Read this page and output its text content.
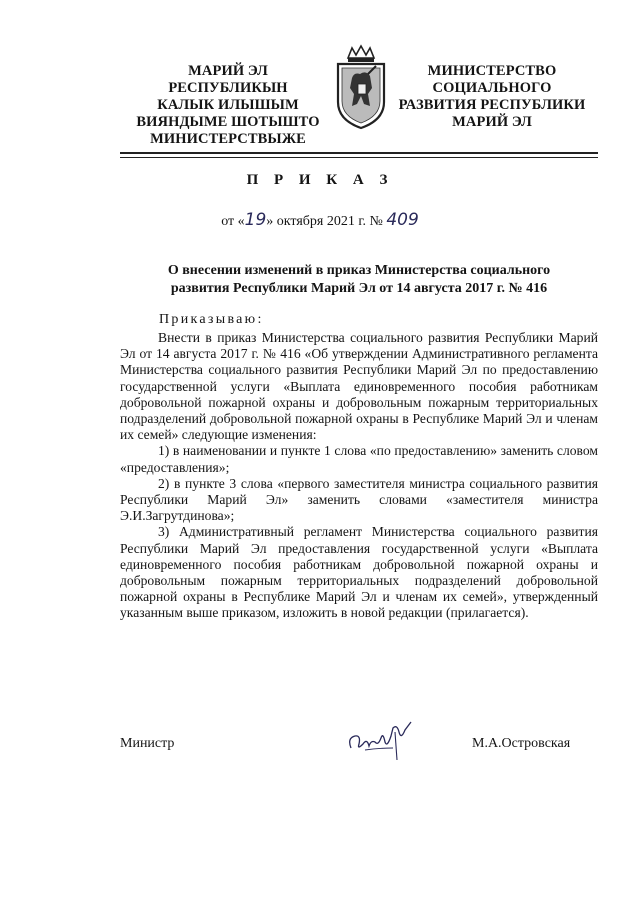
МАРИЙ ЭЛ
РЕСПУБЛИКЫН
КАЛЫК ИЛЫШЫМ
ВИЯНДЫМЕ ШОТЫШТО
МИНИСТЕРСТВЫЖЕ
МИНИСТЕРСТВО
СОЦИАЛЬНОГО
РАЗВИТИЯ РЕСПУБЛИКИ
МАРИЙ ЭЛ
П Р И К А З
от «19» октября 2021 г. № 409
О внесении изменений в приказ Министерства социального
развития Республики Марий Эл от 14 августа 2017 г. № 416
Приказываю:

Внести в приказ Министерства социального развития Республики Марий Эл от 14 августа 2017 г. № 416 «Об утверждении Административного регламента Министерства социального развития Республики Марий Эл по предоставлению государственной услуги «Выплата единовременного пособия работникам добровольной пожарной охраны и добровольным пожарным территориальных подразделений добровольной пожарной охраны в Республике Марий Эл и членам их семей» следующие изменения:

1) в наименовании и пункте 1 слова «по предоставлению» заменить словом «предоставления»;

2) в пункте 3 слова «первого заместителя министра социального развития Республики Марий Эл» заменить словами «заместителя министра Э.И.Загрутдинова»;

3) Административный регламент Министерства социального развития Республики Марий Эл предоставления государственной услуги «Выплата единовременного пособия работникам добровольной пожарной охраны и добровольным пожарным территориальных подразделений добровольной пожарной охраны в Республике Марий Эл и членам их семей», утвержденный указанным выше приказом, изложить в новой редакции (прилагается).

Министр	М.А.Островская
